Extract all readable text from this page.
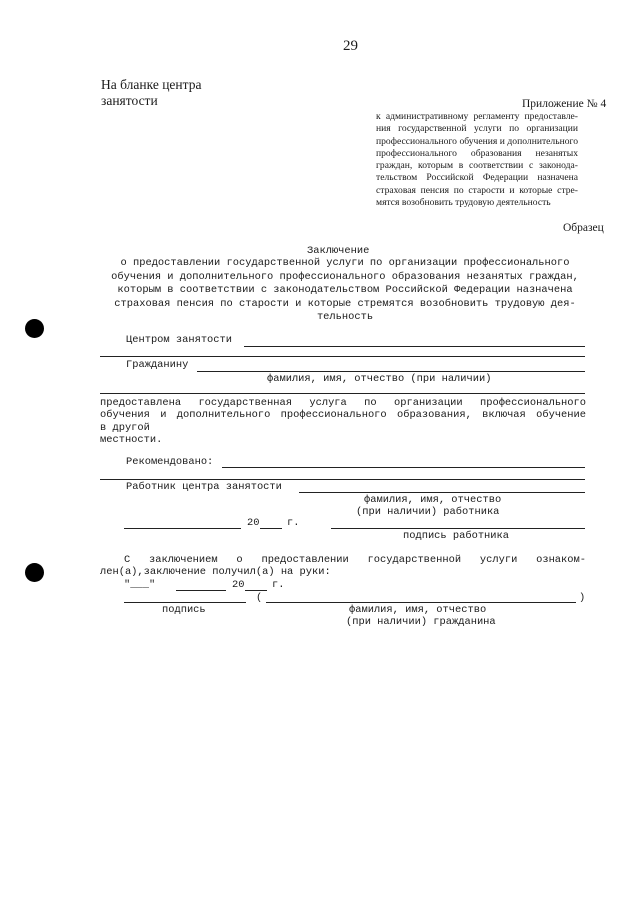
29
На бланке центра
занятости	Приложение № 4
к административному регламенту предоставле-
ния государственной услуги по организации
профессионального обучения и дополнительного
профессионального образования незанятых
граждан, которым в соответствии с законода-
тельством Российской Федерации назначена
страховая пенсия по старости и которые стре-
мятся возобновить трудовую деятельность
Образец
Заключение
о предоставлении государственной услуги по организации профессионального
обучения и дополнительного профессионального образования незанятых граждан,
которым в соответствии с законодательством Российской Федерации назначена
страховая пенсия по старости и которые стремятся возобновить трудовую дея-
тельность
Центром занятости
Гражданину
фамилия, имя, отчество (при наличии)
предоставлена государственная услуга по организации профессионального
обучения и дополнительного профессионального образования, включая обучение
в другой
местности.
Рекомендовано:
Работник центра занятости
фамилия, имя, отчество
(при наличии) работника
20	г.
подпись работника
С заключением о предоставлении государственной услуги ознаком-
лен(а),заключение получил(а) на руки:
"___"	20	г.
(	)
подпись	фамилия, имя, отчество
(при наличии) гражданина
